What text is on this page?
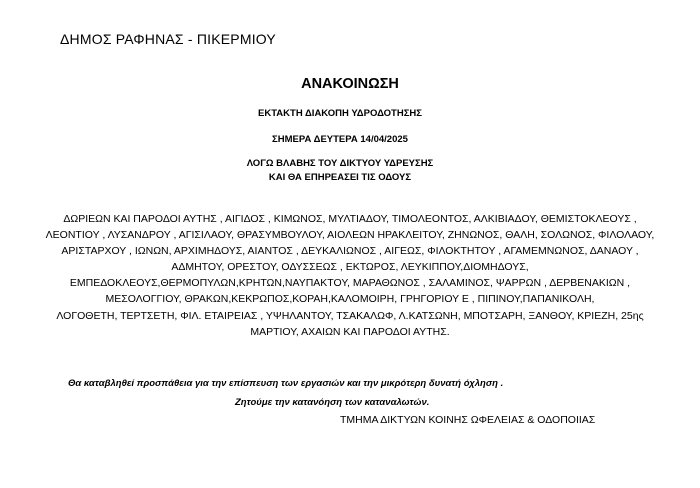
ΔΗΜΟΣ ΡΑΦΗΝΑΣ - ΠΙΚΕΡΜΙΟΥ
ΑΝΑΚΟΙΝΩΣΗ
ΕΚΤΑΚΤΗ ΔΙΑΚΟΠΗ ΥΔΡΟΔΟΤΗΣΗΣ
ΣΗΜΕΡΑ ΔΕΥΤΕΡΑ 14/04/2025
ΛΟΓΩ ΒΛΑΒΗΣ ΤΟΥ ΔΙΚΤΥΟΥ ΥΔΡΕΥΣΗΣ
ΚΑΙ ΘΑ ΕΠΗΡΕΑΣΕΙ ΤΙΣ ΟΔΟΥΣ
ΔΩΡΙΕΩΝ ΚΑΙ ΠΑΡΟΔΟΙ ΑΥΤΗΣ , ΑΙΓΙΔΟΣ , ΚΙΜΩΝΟΣ, ΜΥΛΤΙΑΔΟΥ, ΤΙΜΟΛΕΟΝΤΟΣ, ΑΛΚΙΒΙΑΔΟΥ, ΘΕΜΙΣΤΟΚΛΕΟΥΣ ,
ΛΕΟΝΤΙΟΥ , ΛΥΣΑΝΔΡΟΥ , ΑΓΙΣΙΛΑΟΥ, ΘΡΑΣΥΜΒΟΥΛΟΥ, ΑΙΟΛΕΩΝ ΗΡΑΚΛΕΙΤΟΥ, ΖΗΝΩΝΟΣ, ΘΑΛΗ, ΣΟΛΩΝΟΣ, ΦΙΛΟΛΑΟΥ,
ΑΡΙΣΤΑΡΧΟΥ , ΙΩΝΩΝ, ΑΡΧΙΜΗΔΟΥΣ, ΑΙΑΝΤΟΣ , ΔΕΥΚΑΛΙΩΝΟΣ , ΑΙΓΕΩΣ, ΦΙΛΟΚΤΗΤΟΥ , ΑΓΑΜΕΜΝΩΝΟΣ, ΔΑΝΑΟΥ ,
ΑΔΜΗΤΟΥ, ΟΡΕΣΤΟΥ, ΟΔΥΣΣΕΩΣ , ΕΚΤΩΡΟΣ, ΛΕΥΚΙΠΠΟΥ,ΔΙΟΜΗΔΟΥΣ,
ΕΜΠΕΔΟΚΛΕΟΥΣ,ΘΕΡΜΟΠΥΛΩΝ,ΚΡΗΤΩΝ,ΝΑΥΠΑΚΤΟΥ, ΜΑΡΑΘΩΝΟΣ , ΣΑΛΑΜΙΝΟΣ, ΨΑΡΡΩΝ , ΔΕΡΒΕΝΑΚΙΩΝ ,
ΜΕΣΟΛΟΓΓΙΟΥ, ΘΡΑΚΩΝ,ΚΕΚΡΩΠΟΣ,ΚΟΡΑΗ,ΚΑΛΟΜΟΙΡΗ, ΓΡΗΓΟΡΙΟΥ Ε , ΠΙΠΙΝΟΥ,ΠΑΠΑΝΙΚΟΛΗ,
ΛΟΓΟΘΕΤΗ, ΤΕΡΤΣΕΤΗ, ΦΙΛ. ΕΤΑΙΡΕΙΑΣ , ΥΨΗΛΑΝΤΟΥ, ΤΣΑΚΑΛΩΦ, Λ.ΚΑΤΣΩΝΗ, ΜΠΟΤΣΑΡΗ, ΞΑΝΘΟΥ, ΚΡΙΕΖΗ, 25ης
ΜΑΡΤΙΟΥ, ΑΧΑΙΩΝ ΚΑΙ ΠΑΡΟΔΟΙ ΑΥΤΗΣ.
Θα καταβληθεί προσπάθεια για την επίσπευση των εργασιών και την μικρότερη δυνατή όχληση .
Ζητούμε την κατανόηση των καταναλωτών.
ΤΜΗΜΑ ΔΙΚΤΥΩΝ ΚΟΙΝΗΣ ΩΦΕΛΕΙΑΣ & ΟΔΟΠΟΙΙΑΣ
